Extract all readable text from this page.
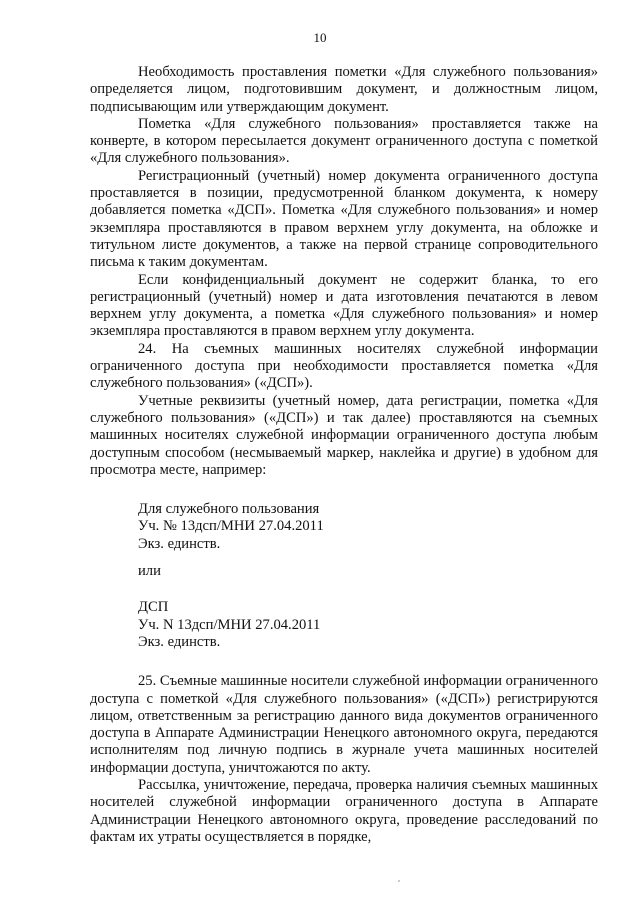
10

Необходимость проставления пометки «Для служебного пользования» определяется лицом, подготовившим документ, и должностным лицом, подписывающим или утверждающим документ.

Пометка «Для служебного пользования» проставляется также на конверте, в котором пересылается документ ограниченного доступа с пометкой «Для служебного пользования».

Регистрационный (учетный) номер документа ограниченного доступа проставляется в позиции, предусмотренной бланком документа, к номеру добавляется пометка «ДСП». Пометка «Для служебного пользования» и номер экземпляра проставляются в правом верхнем углу документа, на обложке и титульном листе документов, а также на первой странице сопроводительного письма к таким документам.

Если конфиденциальный документ не содержит бланка, то его регистрационный (учетный) номер и дата изготовления печатаются в левом верхнем углу документа, а пометка «Для служебного пользования» и номер экземпляра проставляются в правом верхнем углу документа.

24. На съемных машинных носителях служебной информации ограниченного доступа при необходимости проставляется пометка «Для служебного пользования» («ДСП»).

Учетные реквизиты (учетный номер, дата регистрации, пометка «Для служебного пользования» («ДСП») и так далее) проставляются на съемных машинных носителях служебной информации ограниченного доступа любым доступным способом (несмываемый маркер, наклейка и другие) в удобном для просмотра месте, например:

Для служебного пользования

Уч. № 13дсп/МНИ 27.04.2011

Экз. единств.

или

ДСП

Уч. N 13дсп/МНИ 27.04.2011

Экз. единств.

25. Съемные машинные носители служебной информации ограниченного доступа с пометкой «Для служебного пользования» («ДСП») регистрируются лицом, ответственным за регистрацию данного вида документов ограниченного доступа в Аппарате Администрации Ненецкого автономного округа, передаются исполнителям под личную подпись в журнале учета машинных носителей информации доступа, уничтожаются по акту.

Рассылка, уничтожение, передача, проверка наличия съемных машинных носителей служебной информации ограниченного доступа в Аппарате Администрации Ненецкого автономного округа, проведение расследований по фактам их утраты осуществляется в порядке,
